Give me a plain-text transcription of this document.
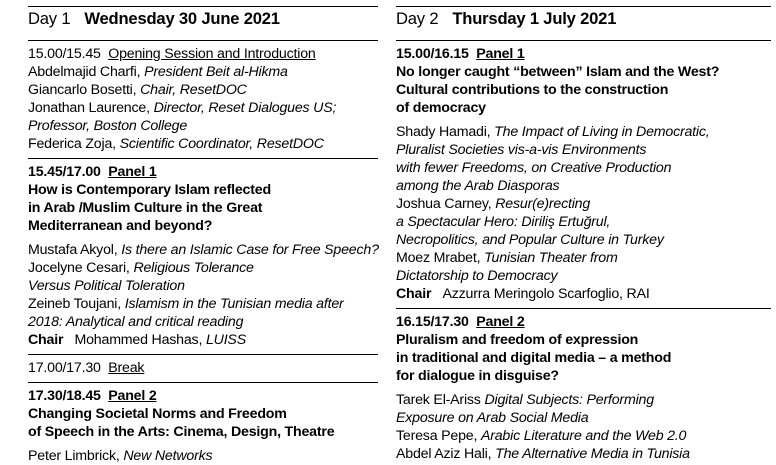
Day 1 Wednesday 30 June 2021
15.00/15.45 Opening Session and Introduction
Abdelmajid Charfi, President Beit al-Hikma
Giancarlo Bosetti, Chair, ResetDOC
Jonathan Laurence, Director, Reset Dialogues US;
Professor, Boston College
Federica Zoja, Scientific Coordinator, ResetDOC
15.45/17.00 Panel 1
How is Contemporary Islam reflected
in Arab /Muslim Culture in the Great
Mediterranean and beyond?
Mustafa Akyol, Is there an Islamic Case for Free Speech?
Jocelyne Cesari, Religious Tolerance
Versus Political Toleration
Zeineb Toujani, Islamism in the Tunisian media after
2018: Analytical and critical reading
Chair Mohammed Hashas, LUISS
17.00/17.30 Break
17.30/18.45 Panel 2
Changing Societal Norms and Freedom
of Speech in the Arts: Cinema, Design, Theatre
Peter Limbrick, New Networks
Day 2 Thursday 1 July 2021
15.00/16.15 Panel 1
No longer caught “between” Islam and the West?
Cultural contributions to the construction
of democracy
Shady Hamadi, The Impact of Living in Democratic,
Pluralist Societies vis-a-vis Environments
with fewer Freedoms, on Creative Production
among the Arab Diasporas
Joshua Carney, Resur(e)recting
a Spectacular Hero: Diriliş Ertuğrul,
Necropolitics, and Popular Culture in Turkey
Moez Mrabet, Tunisian Theater from
Dictatorship to Democracy
Chair Azzurra Meringolo Scarfoglio, RAI
16.15/17.30 Panel 2
Pluralism and freedom of expression
in traditional and digital media – a method
for dialogue in disguise?
Tarek El-Ariss Digital Subjects: Performing
Exposure on Arab Social Media
Teresa Pepe, Arabic Literature and the Web 2.0
Abdel Aziz Hali, The Alternative Media in Tunisia
